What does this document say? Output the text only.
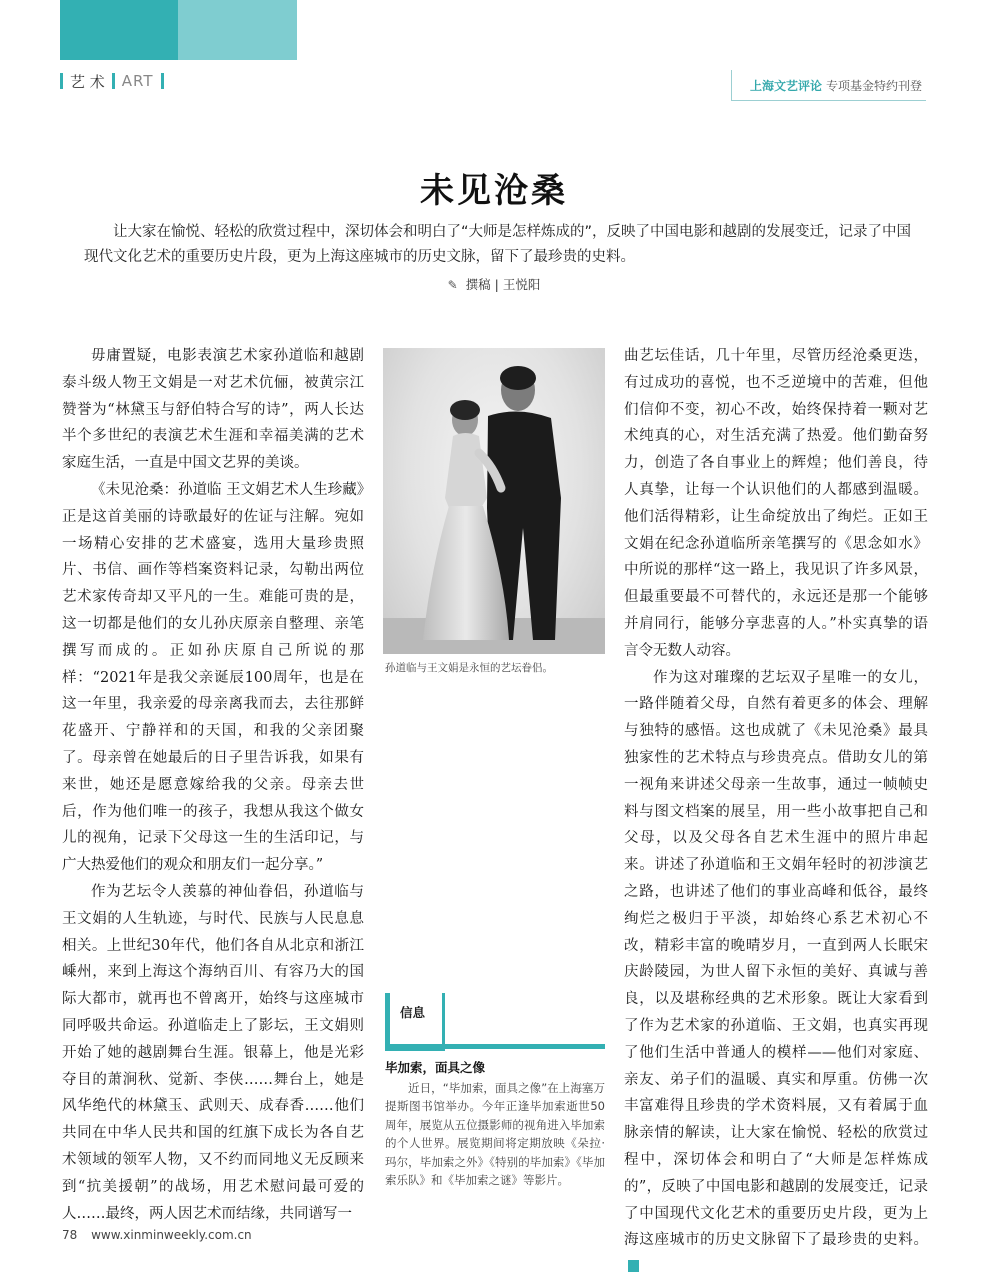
艺 术 ART	上海文艺评论 专项基金特约刊登
未见沧桑
让大家在愉悦、轻松的欣赏过程中，深切体会和明白了“大师是怎样炼成的”，反映了中国电影和越剧的发展变迁，记录了中国现代文化艺术的重要历史片段，更为上海这座城市的历史文脉，留下了最珍贵的史料。
✎ 撰稿 | 王悦阳

毋庸置疑，电影表演艺术家孙道临和越剧泰斗级人物王文娟是一对艺术伉俪，被黄宗江赞誉为“林黛玉与舒伯特合写的诗”，两人长达半个多世纪的表演艺术生涯和幸福美满的艺术家庭生活，一直是中国文艺界的美谈。

《未见沧桑：孙道临 王文娟艺术人生珍藏》正是这首美丽的诗歌最好的佐证与注解。宛如一场精心安排的艺术盛宴，选用大量珍贵照片、书信、画作等档案资料记录，勾勒出两位艺术家传奇却又平凡的一生。难能可贵的是，这一切都是他们的女儿孙庆原亲自整理、亲笔撰写而成的。正如孙庆原自己所说的那样：“2021年是我父亲诞辰100周年，也是在这一年里，我亲爱的母亲离我而去，去往那鲜花盛开、宁静祥和的天国，和我的父亲团聚了。母亲曾在她最后的日子里告诉我，如果有来世，她还是愿意嫁给我的父亲。母亲去世后，作为他们唯一的孩子，我想从我这个做女儿的视角，记录下父母这一生的生活印记，与广大热爱他们的观众和朋友们一起分享。”

作为艺坛令人羡慕的神仙眷侣，孙道临与王文娟的人生轨迹，与时代、民族与人民息息相关。上世纪30年代，他们各自从北京和浙江嵊州，来到上海这个海纳百川、有容乃大的国际大都市，就再也不曾离开，始终与这座城市同呼吸共命运。孙道临走上了影坛，王文娟则开始了她的越剧舞台生涯。银幕上，他是光彩夺目的萧涧秋、觉新、李侠……舞台上，她是风华绝代的林黛玉、武则天、成春香……他们共同在中华人民共和国的红旗下成长为各自艺术领域的领军人物，又不约而同地义无反顾来到“抗美援朝”的战场，用艺术慰问最可爱的人……最终，两人因艺术而结缘，共同谱写一

孙道临与王文娟是永恒的艺坛眷侣。

曲艺坛佳话，几十年里，尽管历经沧桑更迭，有过成功的喜悦，也不乏逆境中的苦难，但他们信仰不变，初心不改，始终保持着一颗对艺术纯真的心，对生活充满了热爱。他们勤奋努力，创造了各自事业上的辉煌；他们善良，待人真挚，让每一个认识他们的人都感到温暖。他们活得精彩，让生命绽放出了绚烂。正如王文娟在纪念孙道临所亲笔撰写的《思念如水》中所说的那样“这一路上，我见识了许多风景，但最重要最不可替代的，永远还是那一个能够并肩同行，能够分享悲喜的人。”朴实真挚的语言令无数人动容。

作为这对璀璨的艺坛双子星唯一的女儿，一路伴随着父母，自然有着更多的体会、理解与独特的感悟。这也成就了《未见沧桑》最具独家性的艺术特点与珍贵亮点。借助女儿的第一视角来讲述父母亲一生故事，通过一帧帧史料与图文档案的展呈，用一些小故事把自己和父母，以及父母各自艺术生涯中的照片串起来。讲述了孙道临和王文娟年轻时的初涉演艺之路，也讲述了他们的事业高峰和低谷，最终绚烂之极归于平淡，却始终心系艺术初心不改，精彩丰富的晚晴岁月，一直到两人长眠宋庆龄陵园，为世人留下永恒的美好、真诚与善良，以及堪称经典的艺术形象。既让大家看到了作为艺术家的孙道临、王文娟，也真实再现了他们生活中普通人的模样——他们对家庭、亲友、弟子们的温暖、真实和厚重。仿佛一次丰富难得且珍贵的学术资料展，又有着属于血脉亲情的解读，让大家在愉悦、轻松的欣赏过程中，深切体会和明白了“大师是怎样炼成的”，反映了中国电影和越剧的发展变迁，记录了中国现代文化艺术的重要历史片段，更为上海这座城市的历史文脉留下了最珍贵的史料。

信息
毕加索，面具之像
近日，“毕加索，面具之像”在上海塞万提斯图书馆举办。今年正逢毕加索逝世50周年，展览从五位摄影师的视角进入毕加索的个人世界。展览期间将定期放映《朵拉·玛尔，毕加索之外》《特别的毕加索》《毕加索乐队》和《毕加索之谜》等影片。
78 www.xinminweekly.com.cn
